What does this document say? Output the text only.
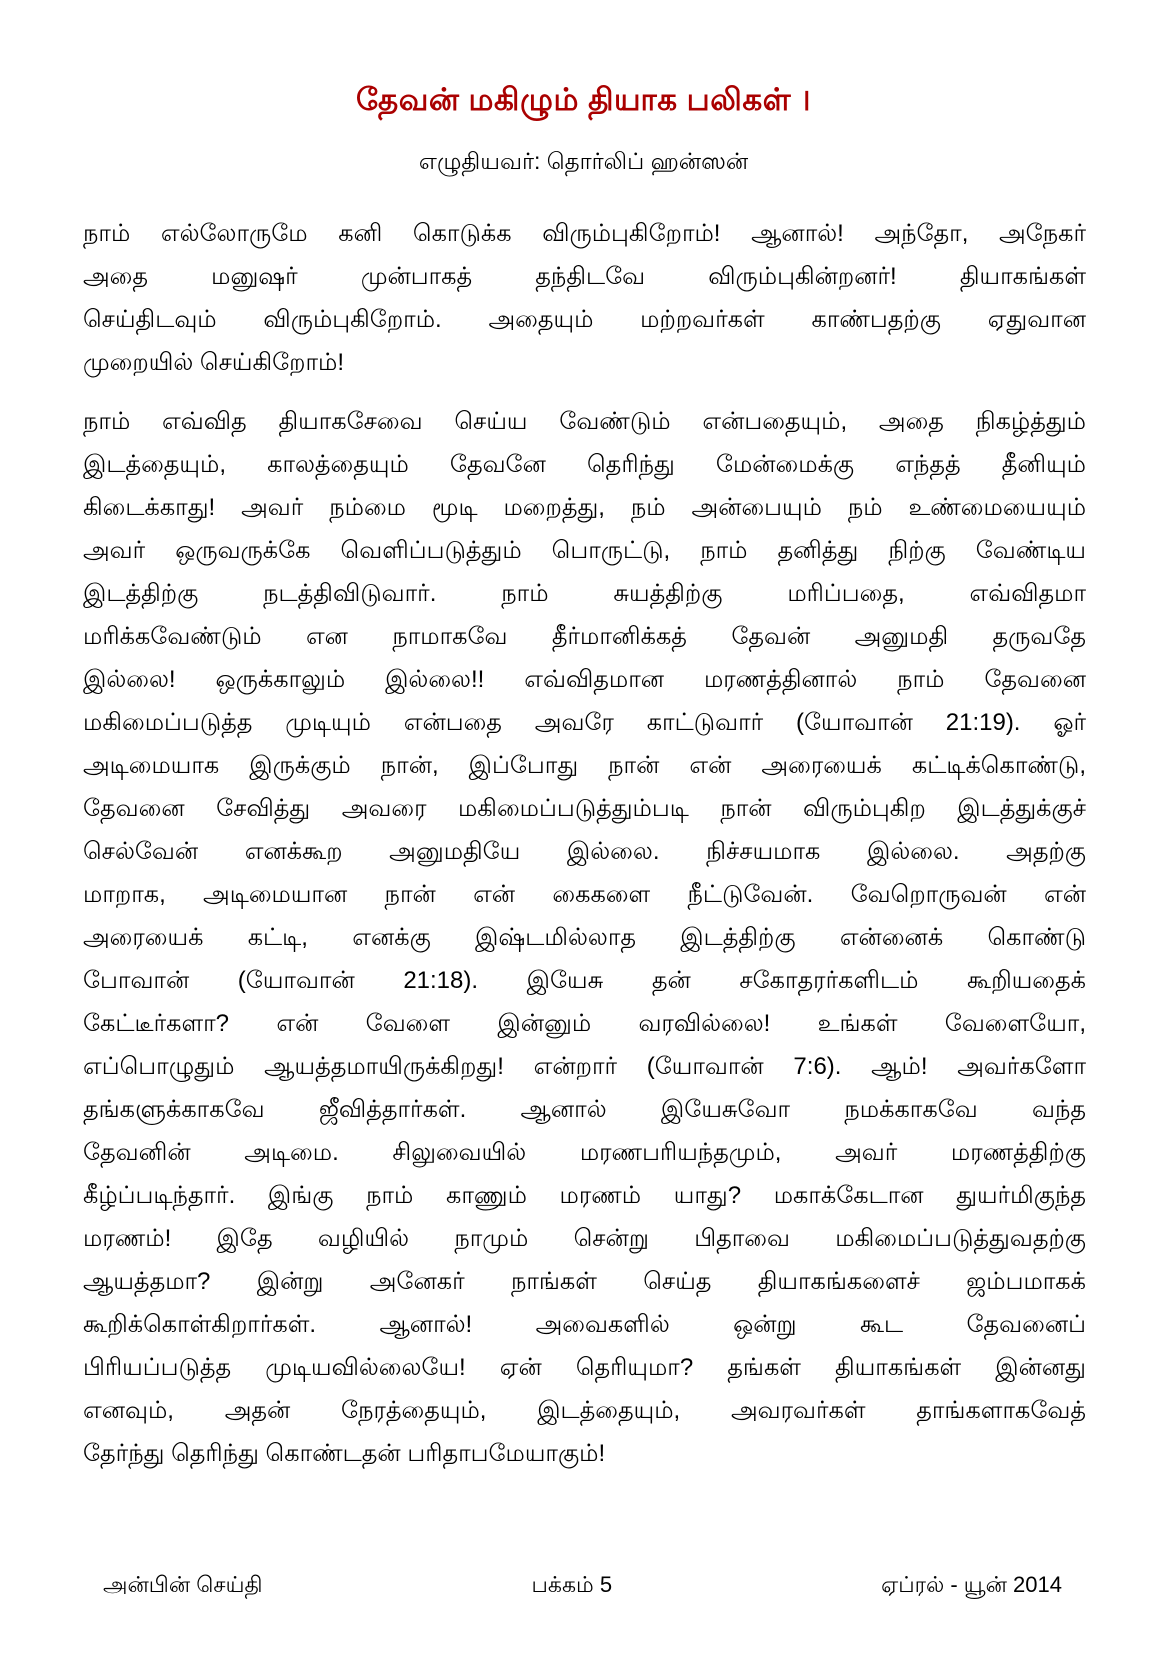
தேவன் மகிழும் தியாக பலிகள் ।
எழுதியவர்: தொர்லிப் ஹன்ஸன்
நாம் எல்லோருமே கனி கொடுக்க விரும்புகிறோம்! ஆனால்! அந்தோ, அநேகர்
அதை மனுஷர் முன்பாகத் தந்திடவே விரும்புகின்றனர்! தியாகங்கள்
செய்திடவும் விரும்புகிறோம். அதையும் மற்றவர்கள் காண்பதற்கு ஏதுவான
முறையில் செய்கிறோம்!
நாம் எவ்வித தியாகசேவை செய்ய வேண்டும் என்பதையும், அதை நிகழ்த்தும்
இடத்தையும், காலத்தையும் தேவனே தெரிந்து மேன்மைக்கு எந்தத் தீனியும்
கிடைக்காது! அவர் நம்மை மூடி மறைத்து, நம் அன்பையும் நம் உண்மையையும்
அவர் ஒருவருக்கே வெளிப்படுத்தும் பொருட்டு, நாம் தனித்து நிற்கு வேண்டிய
இடத்திற்கு நடத்திவிடுவார். நாம் சுயத்திற்கு மரிப்பதை, எவ்விதமா
மரிக்கவேண்டும் என நாமாகவே தீர்மானிக்கத் தேவன் அனுமதி தருவதே
இல்லை! ஒருக்காலும் இல்லை!! எவ்விதமான மரணத்தினால் நாம் தேவனை
மகிமைப்படுத்த முடியும் என்பதை அவரே காட்டுவார் (யோவான் 21:19). ஓர்
அடிமையாக இருக்கும் நான், இப்போது நான் என் அரையைக் கட்டிக்கொண்டு,
தேவனை சேவித்து அவரை மகிமைப்படுத்தும்படி நான் விரும்புகிற இடத்துக்குச்
செல்வேன் எனக்கூற அனுமதியே இல்லை. நிச்சயமாக இல்லை. அதற்கு
மாறாக, அடிமையான நான் என் கைகளை நீட்டுவேன். வேறொருவன் என்
அரையைக் கட்டி, எனக்கு இஷ்டமில்லாத இடத்திற்கு என்னைக் கொண்டு
போவான் (யோவான் 21:18). இயேசு தன் சகோதரர்களிடம் கூறியதைக்
கேட்டீர்களா? என் வேளை இன்னும் வரவில்லை! உங்கள் வேளையோ,
எப்பொழுதும் ஆயத்தமாயிருக்கிறது! என்றார் (யோவான் 7:6). ஆம்! அவர்களோ
தங்களுக்காகவே ஜீவித்தார்கள். ஆனால் இயேசுவோ நமக்காகவே வந்த
தேவனின் அடிமை. சிலுவையில் மரணபரியந்தமும், அவர் மரணத்திற்கு
கீழ்ப்படிந்தார். இங்கு நாம் காணும் மரணம் யாது? மகாக்கேடான துயர்மிகுந்த
மரணம்! இதே வழியில் நாமும் சென்று பிதாவை மகிமைப்படுத்துவதற்கு
ஆயத்தமா? இன்று அனேகர் நாங்கள் செய்த தியாகங்களைச் ஜம்பமாகக்
கூறிக்கொள்கிறார்கள். ஆனால்! அவைகளில் ஒன்று கூட தேவனைப்
பிரியப்படுத்த முடியவில்லையே! ஏன் தெரியுமா? தங்கள் தியாகங்கள் இன்னது
எனவும், அதன் நேரத்தையும், இடத்தையும், அவரவர்கள் தாங்களாகவேத்
தேர்ந்து தெரிந்து கொண்டதன் பரிதாபமேயாகும்!
அன்பின் செய்தி	பக்கம் 5	ஏப்ரல் - யூன் 2014
